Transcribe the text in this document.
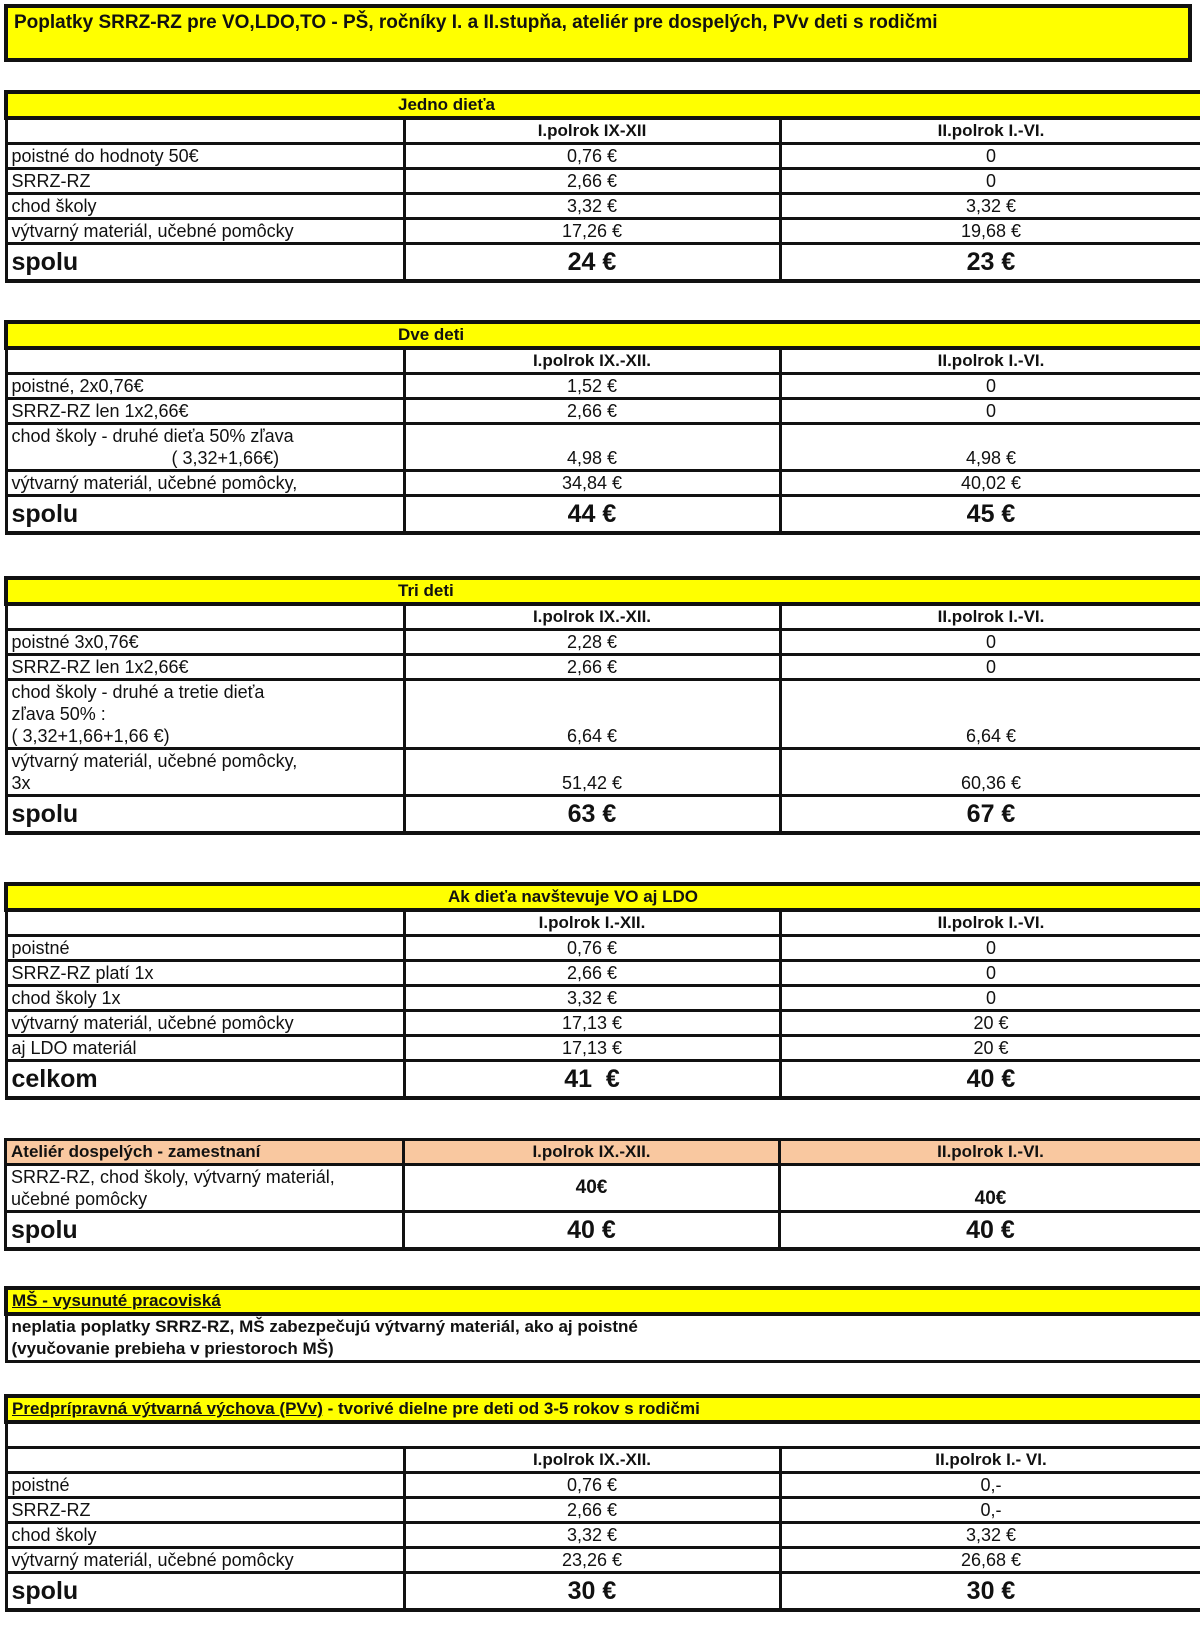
Poplatky SRRZ-RZ pre VO,LDO,TO - PŠ, ročníky I. a II.stupňa, ateliér pre dospelých, PVv deti s rodičmi
Jedno dieťa		
	I.polrok IX-XII	II.polrok I.-VI.
poistné do hodnoty 50€	0,76 €	0
SRRZ-RZ	2,66 €	0
chod školy	3,32 €	3,32 €
výtvarný materiál, učebné pomôcky	17,26 €	19,68 €
spolu	24 €	23 €
Dve deti		
	I.polrok IX.-XII.	II.polrok I.-VI.
poistné, 2x0,76€	1,52 €	0
SRRZ-RZ len 1x2,66€	2,66 €	0

chod školy - druhé dieťa 50% zľava
( 3,32+1,66€)	4,98 €	4,98 €
výtvarný materiál, učebné pomôcky,	34,84 €	40,02 €
spolu	44 €	45 €
Tri deti		
	I.polrok IX.-XII.	II.polrok I.-VI.
poistné 3x0,76€	2,28 €	0
SRRZ-RZ len 1x2,66€	2,66 €	0

chod školy - druhé a tretie dieťa
zľava 50% :
( 3,32+1,66+1,66 €)	6,64 €	6,64 €

výtvarný materiál, učebné pomôcky,
3x	51,42 €	60,36 €
spolu	63 €	67 €
Ak dieťa navštevuje VO aj LDO		
	I.polrok I.-XII.	II.polrok I.-VI.
poistné	0,76 €	0
SRRZ-RZ platí 1x	2,66 €	0
chod školy 1x	3,32 €	0
výtvarný materiál, učebné pomôcky	17,13 €	20 €
aj LDO materiál	17,13 €	20 €
celkom	41  €	40 €
Ateliér dospelých - zamestnaní	I.polrok IX.-XII.	II.polrok I.-VI.

SRRZ-RZ, chod školy, výtvarný materiál,
učebné pomôcky	40€	40€
spolu	40 €	40 €
MŠ - vysunuté pracoviská

neplatia poplatky SRRZ-RZ, MŠ zabezpečujú výtvarný materiál, ako aj poistné
(vyučovanie prebieha v priestoroch MŠ)
Predprípravná výtvarná výchova (PVv) - tvorivé dielne pre deti od 3-5 rokov s rodičmi		

	I.polrok IX.-XII.	II.polrok I.- VI.
poistné	0,76 €	0,-
SRRZ-RZ	2,66 €	0,-
chod školy	3,32 €	3,32 €
výtvarný materiál, učebné pomôcky	23,26 €	26,68 €
spolu	30 €	30 €
